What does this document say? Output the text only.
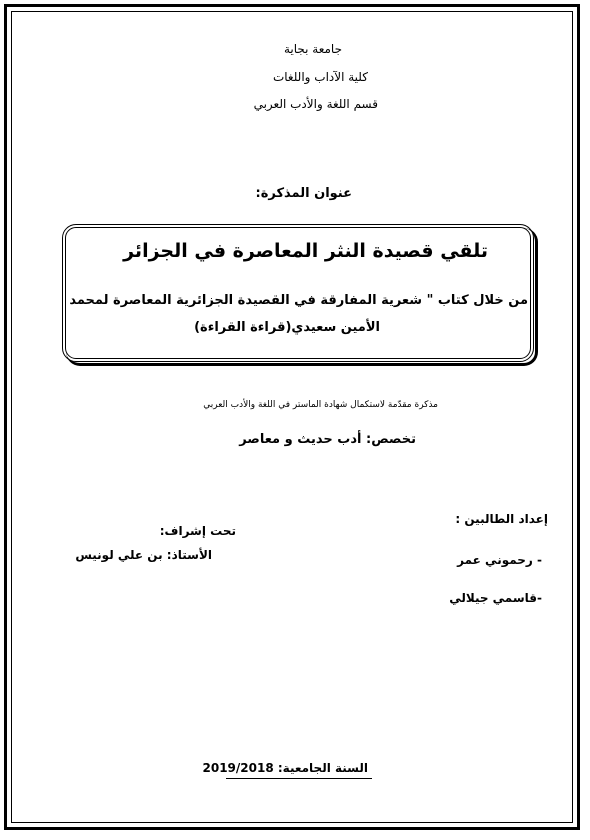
جامعة بجاية
كلية الآداب واللغات
قسم اللغة والأدب العربي
عنوان المذكرة:
تلقي قصيدة النثر المعاصرة في الجزائر
من خلال كتاب " شعرية المفارقة في القصيدة الجزائرية المعاصرة لمحمد
الأمين سعيدي(قراءة القراءة)
مذكرة مقدّمة لاستكمال شهادة الماستر في اللغة والأدب العربي
تخصص: أدب حديث و معاصر
إعداد الطالبين :
- رحموني عمر
-قاسمي جيلالي
تحت إشراف:
الأستاذ: بن علي لونيس
السنة الجامعية: 2019/2018
